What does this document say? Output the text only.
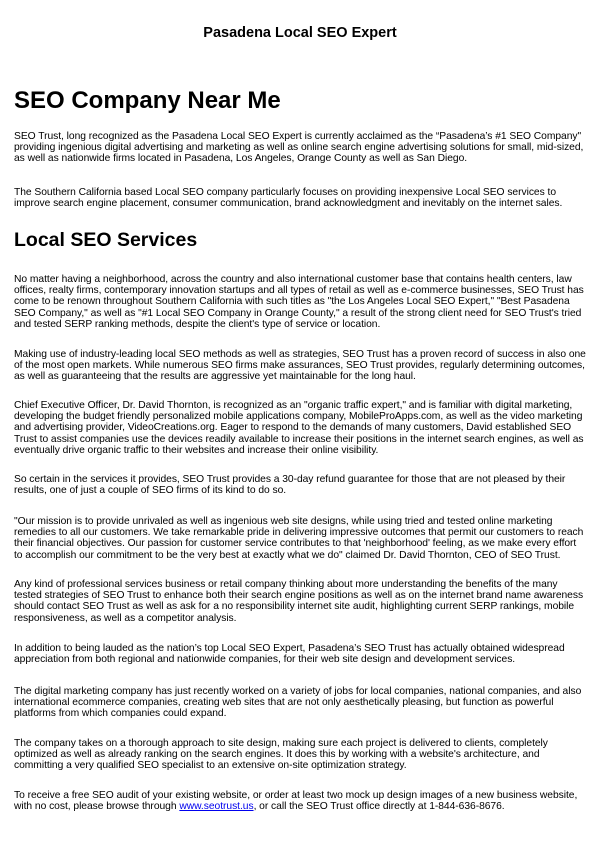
Pasadena Local SEO Expert
SEO Company Near Me

SEO Trust, long recognized as the Pasadena Local SEO Expert is currently acclaimed as the “Pasadena’s #1 SEO Company" providing ingenious digital advertising and marketing as well as online search engine advertising solutions for small, mid-sized, as well as nationwide firms located in Pasadena, Los Angeles, Orange County as well as San Diego.

The Southern California based Local SEO company particularly focuses on providing inexpensive Local SEO services to improve search engine placement, consumer communication, brand acknowledgment and inevitably on the internet sales.

Local SEO Services

No matter having a neighborhood, across the country and also international customer base that contains health centers, law offices, realty firms, contemporary innovation startups and all types of retail as well as e-commerce businesses, SEO Trust has come to be renown throughout Southern California with such titles as "the Los Angeles Local SEO Expert," "Best Pasadena SEO Company," as well as "#1 Local SEO Company in Orange County," a result of the strong client need for SEO Trust's tried and tested SERP ranking methods, despite the client's type of service or location.

Making use of industry-leading local SEO methods as well as strategies, SEO Trust has a proven record of success in also one of the most open markets. While numerous SEO firms make assurances, SEO Trust provides, regularly determining outcomes, as well as guaranteeing that the results are aggressive yet maintainable for the long haul.

Chief Executive Officer, Dr. David Thornton, is recognized as an "organic traffic expert," and is familiar with digital marketing, developing the budget friendly personalized mobile applications company, MobileProApps.com, as well as the video marketing and advertising provider, VideoCreations.org. Eager to respond to the demands of many customers, David established SEO Trust to assist companies use the devices readily available to increase their positions in the internet search engines, as well as eventually drive organic traffic to their websites and increase their online visibility.

So certain in the services it provides, SEO Trust provides a 30-day refund guarantee for those that are not pleased by their results, one of just a couple of SEO firms of its kind to do so.

"Our mission is to provide unrivaled as well as ingenious web site designs, while using tried and tested online marketing remedies to all our customers. We take remarkable pride in delivering impressive outcomes that permit our customers to reach their financial objectives. Our passion for customer service contributes to that 'neighborhood' feeling, as we make every effort to accomplish our commitment to be the very best at exactly what we do" claimed Dr. David Thornton, CEO of SEO Trust.

Any kind of professional services business or retail company thinking about more understanding the benefits of the many tested strategies of SEO Trust to enhance both their search engine positions as well as on the internet brand name awareness should contact SEO Trust as well as ask for a no responsibility internet site audit, highlighting current SERP rankings, mobile responsiveness, as well as a competitor analysis.

In addition to being lauded as the nation’s top Local SEO Expert, Pasadena’s SEO Trust has actually obtained widespread appreciation from both regional and nationwide companies, for their web site design and development services.

The digital marketing company has just recently worked on a variety of jobs for local companies, national companies, and also international ecommerce companies, creating web sites that are not only aesthetically pleasing, but function as powerful platforms from which companies could expand.

The company takes on a thorough approach to site design, making sure each project is delivered to clients, completely optimized as well as already ranking on the search engines. It does this by working with a website's architecture, and committing a very qualified SEO specialist to an extensive on-site optimization strategy.

To receive a free SEO audit of your existing website, or order at least two mock up design images of a new business website, with no cost, please browse through www.seotrust.us, or call the SEO Trust office directly at 1-844-636-8676.
